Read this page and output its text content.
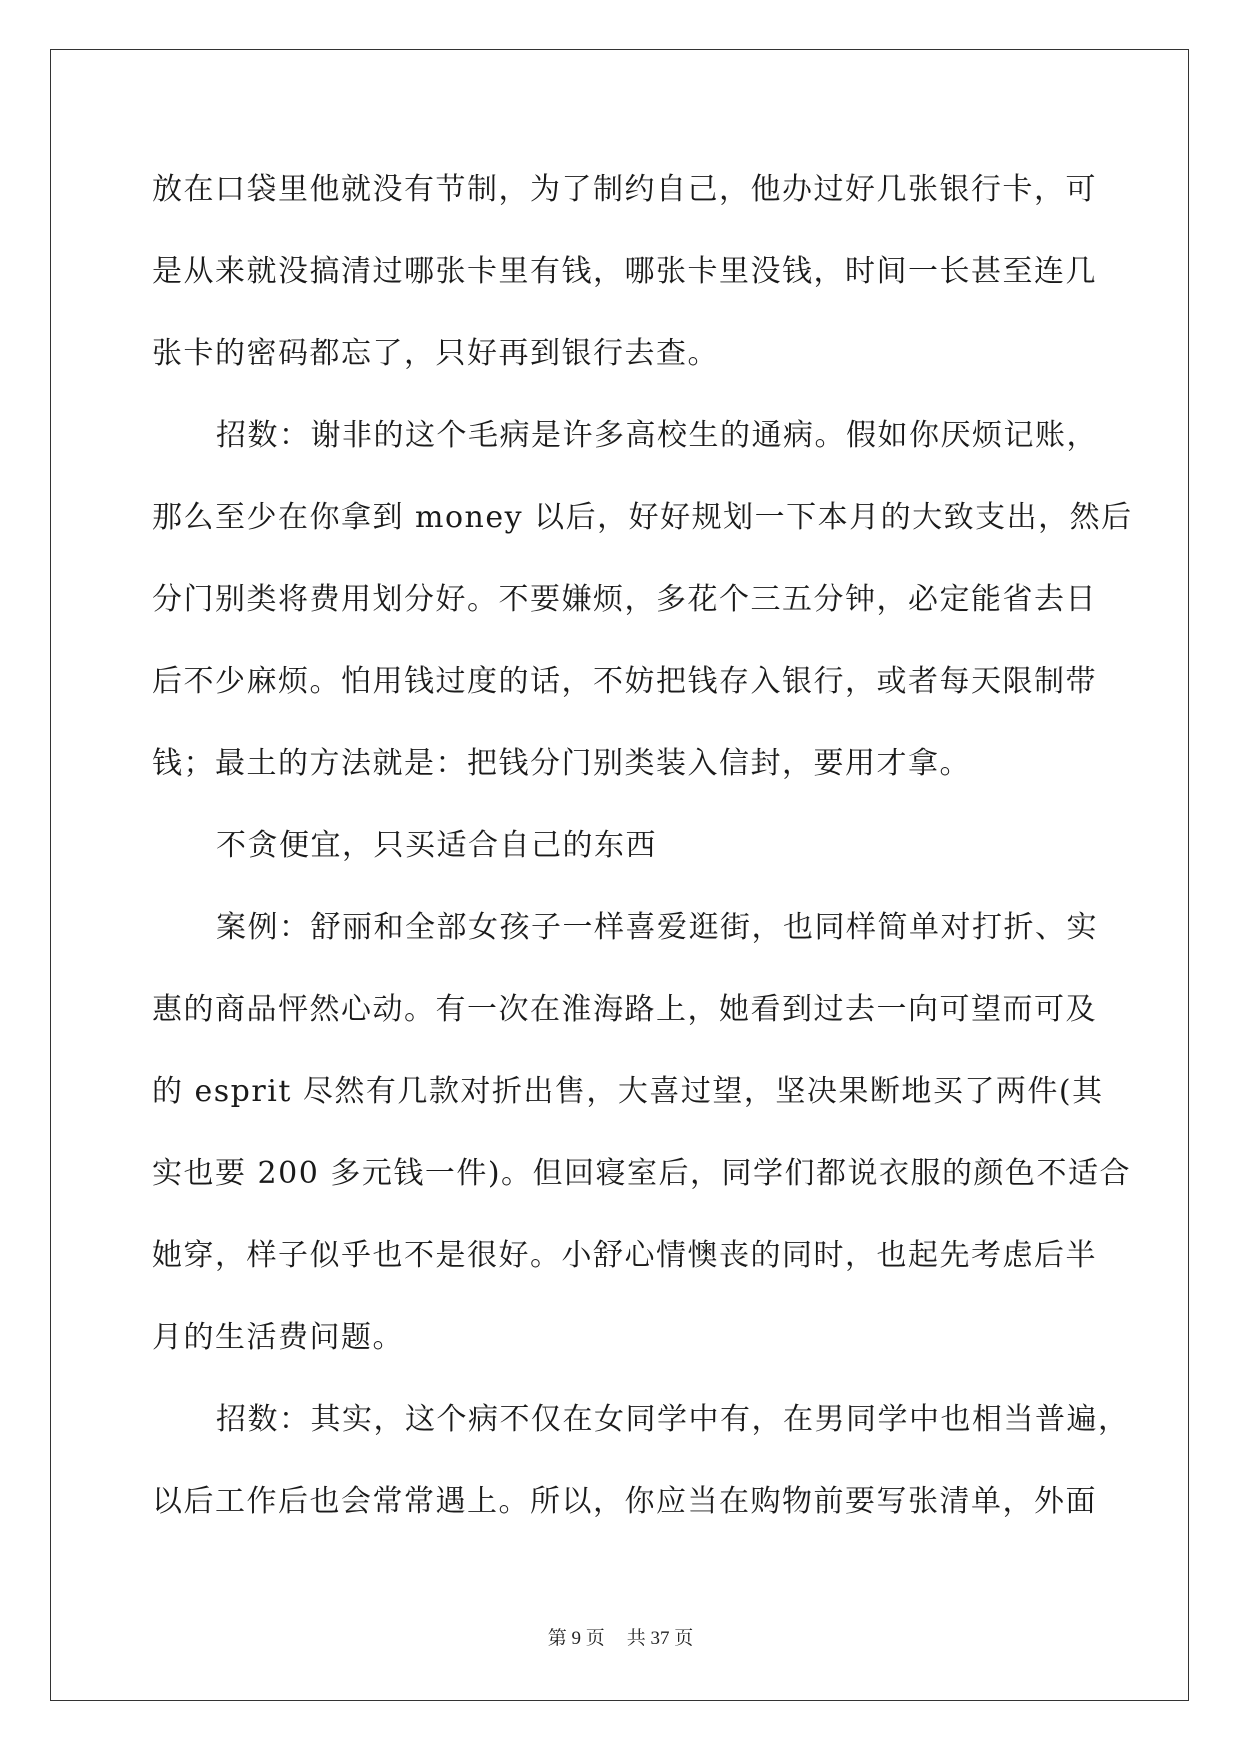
放在口袋里他就没有节制，为了制约自己，他办过好几张银行卡，可
是从来就没搞清过哪张卡里有钱，哪张卡里没钱，时间一长甚至连几
张卡的密码都忘了，只好再到银行去查。
招数：谢非的这个毛病是许多高校生的通病。假如你厌烦记账，
那么至少在你拿到 money 以后，好好规划一下本月的大致支出，然后
分门别类将费用划分好。不要嫌烦，多花个三五分钟，必定能省去日
后不少麻烦。怕用钱过度的话，不妨把钱存入银行，或者每天限制带
钱；最土的方法就是：把钱分门别类装入信封，要用才拿。
不贪便宜，只买适合自己的东西
案例：舒丽和全部女孩子一样喜爱逛街，也同样简单对打折、实
惠的商品怦然心动。有一次在淮海路上，她看到过去一向可望而可及
的 esprit 尽然有几款对折出售，大喜过望，坚决果断地买了两件(其
实也要 200 多元钱一件)。但回寝室后，同学们都说衣服的颜色不适合
她穿，样子似乎也不是很好。小舒心情懊丧的同时，也起先考虑后半
月的生活费问题。
招数：其实，这个病不仅在女同学中有，在男同学中也相当普遍，
以后工作后也会常常遇上。所以，你应当在购物前要写张清单，外面
第 9 页 共 37 页
